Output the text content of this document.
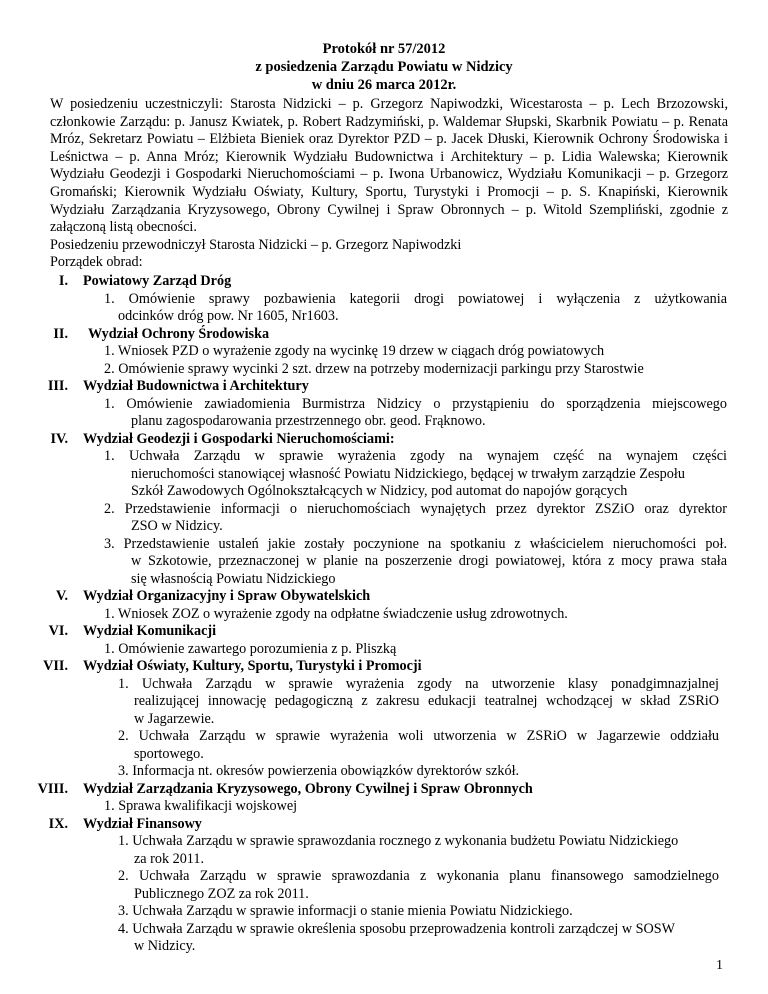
Protokół nr 57/2012
z posiedzenia Zarządu Powiatu w Nidzicy
w dniu 26 marca 2012r.

W posiedzeniu uczestniczyli: Starosta Nidzicki – p. Grzegorz Napiwodzki, Wicestarosta – p. Lech Brzozowski, członkowie Zarządu: p. Janusz Kwiatek, p. Robert Radzymiński, p. Waldemar Słupski, Skarbnik Powiatu – p. Renata Mróz, Sekretarz Powiatu – Elżbieta Bieniek oraz Dyrektor PZD – p. Jacek Dłuski, Kierownik Ochrony Środowiska i Leśnictwa – p. Anna Mróz; Kierownik Wydziału Budownictwa i Architektury – p. Lidia Walewska; Kierownik Wydziału Geodezji i Gospodarki Nieruchomościami – p. Iwona Urbanowicz, Wydziału Komunikacji – p. Grzegorz Gromański; Kierownik Wydziału Oświaty, Kultury, Sportu, Turystyki i Promocji – p. S. Knapiński, Kierownik Wydziału Zarządzania Kryzysowego, Obrony Cywilnej i Spraw Obronnych – p. Witold Szempliński, zgodnie z załączoną listą obecności.

Posiedzeniu przewodniczył Starosta Nidzicki – p. Grzegorz Napiwodzki

Porządek obrad:

I. Powiatowy Zarząd Dróg
1. Omówienie sprawy pozbawienia kategorii drogi powiatowej i wyłączenia z użytkowania
odcinków dróg pow. Nr 1605, Nr1603.
II. Wydział Ochrony Środowiska
1. Wniosek PZD o wyrażenie zgody na wycinkę 19 drzew w ciągach dróg powiatowych
2. Omówienie sprawy wycinki 2 szt. drzew na potrzeby modernizacji parkingu przy Starostwie
III. Wydział Budownictwa i Architektury
1. Omówienie zawiadomienia Burmistrza Nidzicy o przystąpieniu do sporządzenia miejscowego
planu zagospodarowania przestrzennego obr. geod. Frąknowo.
IV. Wydział Geodezji i Gospodarki Nieruchomościami:
1. Uchwała Zarządu w sprawie wyrażenia zgody na wynajem część na wynajem części
nieruchomości stanowiącej własność Powiatu Nidzickiego, będącej w trwałym zarządzie Zespołu
Szkół Zawodowych Ogólnokształcących w Nidzicy, pod automat do napojów gorących
2. Przedstawienie informacji o nieruchomościach wynajętych przez dyrektor ZSZiO oraz dyrektor
ZSO w Nidzicy.
3. Przedstawienie ustaleń jakie zostały poczynione na spotkaniu z właścicielem nieruchomości poł.
w Szkotowie, przeznaczonej w planie na poszerzenie drogi powiatowej, która z mocy prawa stała
się własnością Powiatu Nidzickiego
V. Wydział Organizacyjny i Spraw Obywatelskich
1. Wniosek ZOZ o wyrażenie zgody na odpłatne świadczenie usług zdrowotnych.
VI. Wydział Komunikacji
1. Omówienie zawartego porozumienia z p. Pliszką
VII. Wydział Oświaty, Kultury, Sportu, Turystyki i Promocji
1. Uchwała Zarządu w sprawie wyrażenia zgody na utworzenie klasy ponadgimnazjalnej
realizującej innowację pedagogiczną z zakresu edukacji teatralnej wchodzącej w skład ZSRiO
w Jagarzewie.
2. Uchwała Zarządu w sprawie wyrażenia woli utworzenia w ZSRiO w Jagarzewie oddziału
sportowego.
3. Informacja nt. okresów powierzenia obowiązków dyrektorów szkół.
VIII. Wydział Zarządzania Kryzysowego, Obrony Cywilnej i Spraw Obronnych
1. Sprawa kwalifikacji wojskowej
IX. Wydział Finansowy
1. Uchwała Zarządu w sprawie sprawozdania rocznego z wykonania budżetu Powiatu Nidzickiego
za rok 2011.
2. Uchwała Zarządu w sprawie sprawozdania z wykonania planu finansowego samodzielnego
Publicznego ZOZ za rok 2011.
3. Uchwała Zarządu w sprawie informacji o stanie mienia Powiatu Nidzickiego.
4. Uchwała Zarządu w sprawie określenia sposobu przeprowadzenia kontroli zarządczej w SOSW
w Nidzicy.
1
